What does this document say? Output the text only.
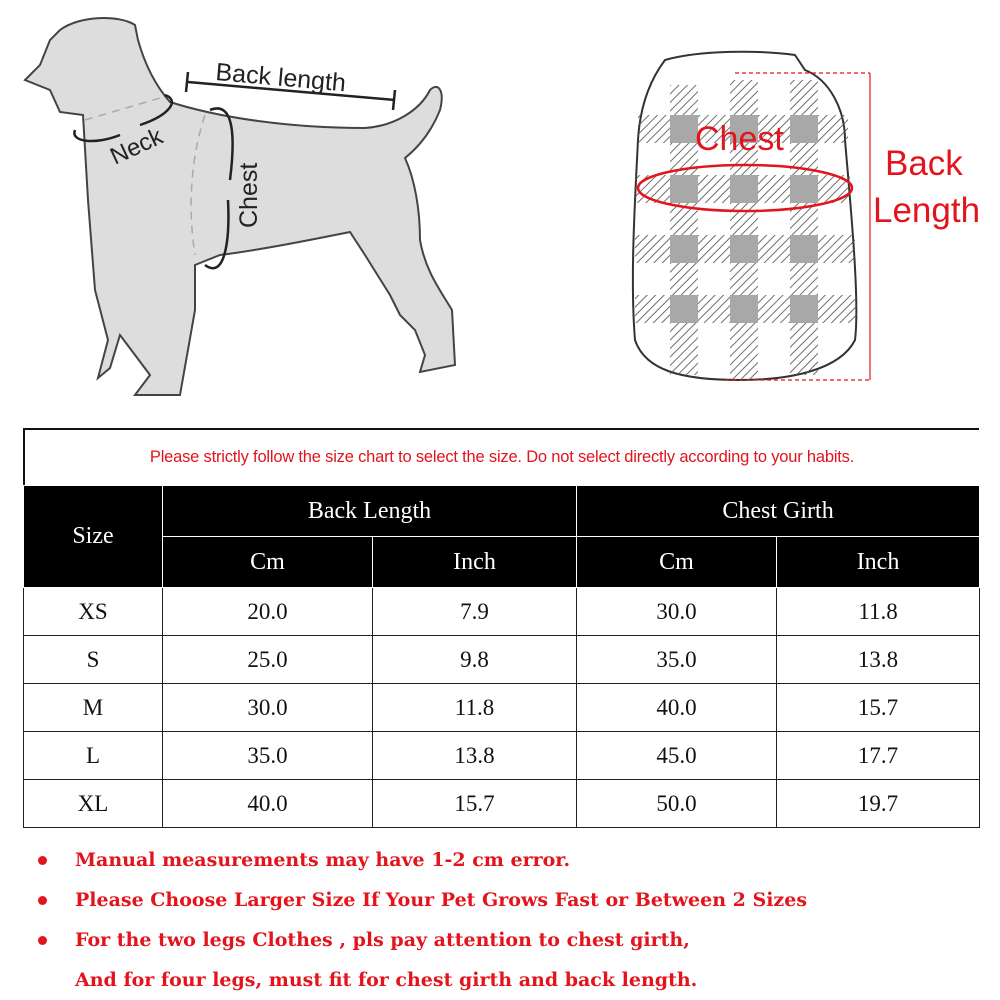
Back length
Neck
Chest
Chest
Back
Length
Please strictly follow the size chart to select the size. Do not select directly according to your habits.
Size	Back Length		Chest Girth	
	Cm	Inch	Cm	Inch
XS	20.0	7.9	30.0	11.8
S	25.0	9.8	35.0	13.8
M	30.0	11.8	40.0	15.7
L	35.0	13.8	45.0	17.7
XL	40.0	15.7	50.0	19.7
Manual measurements may have 1-2 cm error.
Please Choose Larger Size If Your Pet Grows Fast or Between 2 Sizes
For the two legs Clothes , pls pay attention to chest girth,
And for four legs, must fit for chest girth and back length.
